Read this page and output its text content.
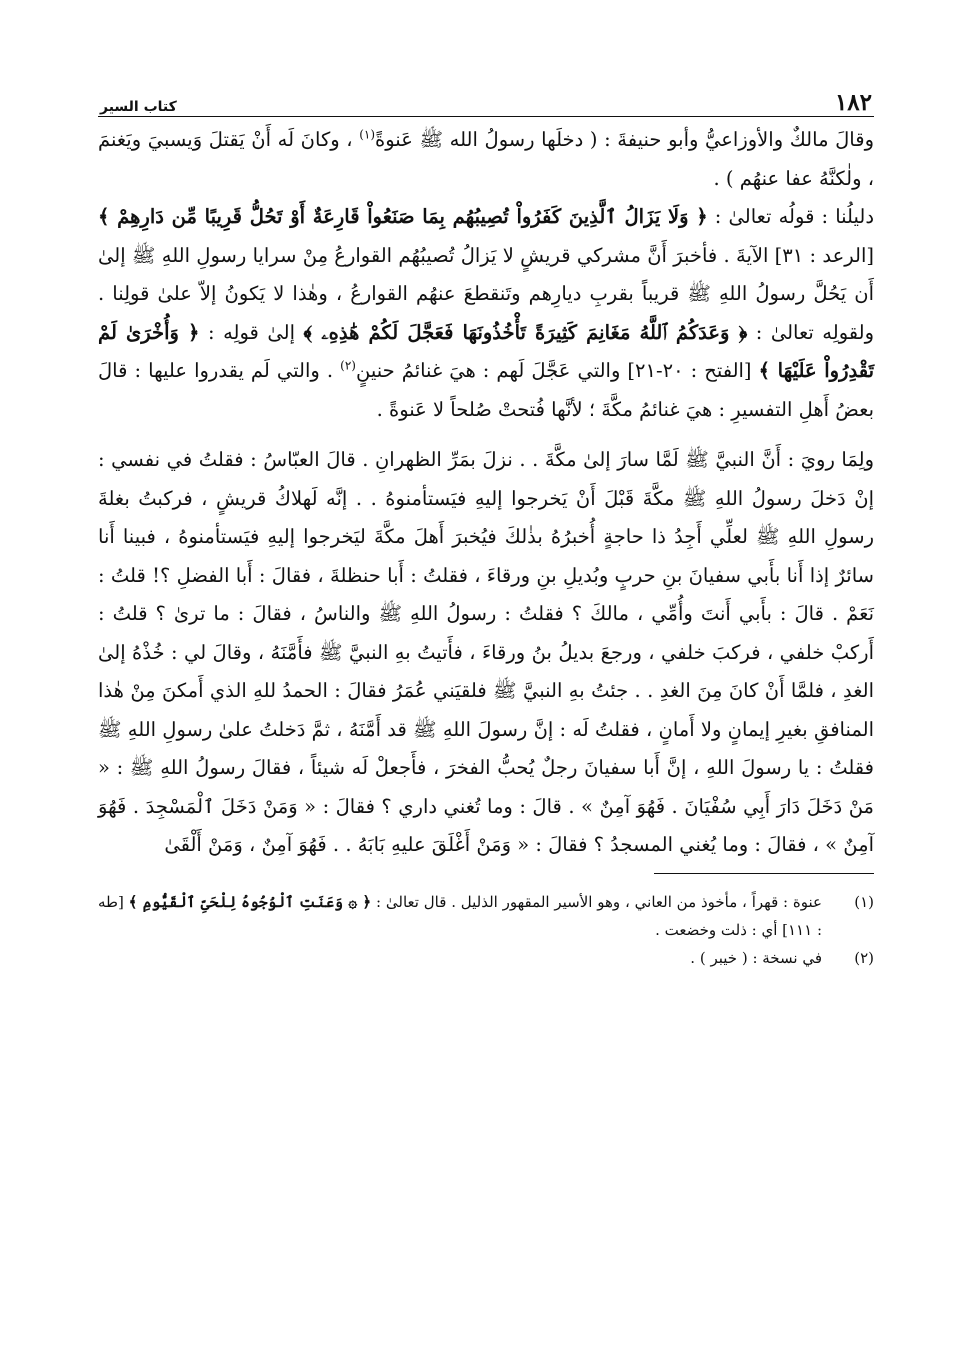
١٨٢
كتاب السير

وقالَ مالكٌ والأوزاعيُّ وأبو حنيفةَ : ( دخلَها رسولُ الله ﷺ عَنوةً$^{(١)}$ ، وكانَ لَه أَنْ يَقتلَ وَيسبيَ ويَغنمَ ، ولٰكنَّهُ عفا عنهُم ) .

دليلُنا : قولُه تعالىٰ : ﴿ وَلَا يَزَالُ ٱلَّذِينَ كَفَرُواْ تُصِيبُهُم بِمَا صَنَعُواْ قَارِعَةٌ أَوْ تَحُلُّ قَرِيبًا مِّن دَارِهِمْ ﴾ [الرعد : ٣١] الآيةَ . فأخبرَ أَنَّ مشركي قريشٍ لا يَزالُ تُصيبُهُم القوارعُ مِنْ سرايا رسولِ اللهِ ﷺ إلىٰ أَن يَحُلَّ رسولُ اللهِ ﷺ قريباً بقربِ ديارِهم وتَنقطعَ عنهُم القوارعُ ، وهٰذا لا يَكونُ إلاّ علىٰ قولِنا . ولقولِه تعالىٰ : ﴿ وَعَدَكُمُ ٱللَّهُ مَغَانِمَ كَثِيرَةً تَأْخُذُونَهَا فَعَجَّلَ لَكُمْ هَٰذِهِۦ ﴾ إلىٰ قولِه : ﴿ وَأُخْرَىٰ لَمْ تَقْدِرُواْ عَلَيْهَا ﴾ [الفتح : ٢٠-٢١] والتي عَجَّلَ لَهم : هيَ غنائمُ حنينٍ$^{(٢)}$ . والتي لَم يقدروا عليها : قالَ بعضُ أَهلِ التفسيرِ : هيَ غنائمُ مكَّةَ ؛ لأنَّها فُتحتْ صُلحاً لا عَنوةً .

ولِمَا رويَ : أَنَّ النبيَّ ﷺ لَمَّا سارَ إلىٰ مكَّةَ . . نزلَ بمَرِّ الظهرانِ . قالَ العبّاسُ : فقلتُ في نفسي : إنْ دَخلَ رسولُ اللهِ ﷺ مكَّةَ قَبْلَ أَنْ يَخرجوا إليهِ فيَستأمنوهُ . . إنَّه لَهلاكُ قريشٍ ، فركبتُ بغلةَ رسولِ اللهِ ﷺ لعلِّي أَجِدُ ذا حاجةٍ أُخبرُهُ بذٰلكَ فيُخبرَ أَهلَ مكَّةَ ليَخرجوا إليهِ فيَستأمنوهُ ، فبينا أَنا سائرٌ إذا أَنا بأَبي سفيانَ بنِ حربٍ وبُديلِ بنِ ورقاءَ ، فقلتُ : أَبا حنظلةَ ، فقالَ : أَبا الفضلِ ؟! قلتُ : نَعَمْ . قالَ : بأَبي أَنتَ وأُمِّي ، مالكَ ؟ فقلتُ : رسولُ اللهِ ﷺ والناسُ ، فقالَ : ما ترىٰ ؟ قلتُ : أَركبْ خلفي ، فركبَ خلفي ، ورجعَ بديلُ بنُ ورقاءَ ، فأَتيتُ بهِ النبيَّ ﷺ فأَمَّنَهُ ، وقالَ لي : خُذْهُ إلىٰ الغدِ ، فلمَّا أَنْ كانَ مِنَ الغدِ . . جئتُ بهِ النبيَّ ﷺ فلقيَني عُمَرُ فقالَ : الحمدُ للهِ الذي أَمكنَ مِنْ هٰذا المنافقِ بغيرِ إيمانٍ ولا أَمانٍ ، فقلتُ لَه : إنَّ رسولَ اللهِ ﷺ قد أَمَّنَهُ ، ثمَّ دَخلتُ علىٰ رسولِ اللهِ ﷺ فقلتُ : يا رسولَ اللهِ ، إنَّ أَبا سفيانَ رجلٌ يُحبُّ الفخرَ ، فأَجعلْ لَه شيئاً ، فقالَ رسولُ اللهِ ﷺ : « مَنْ دَخَلَ دَارَ أَبِي سُفْيَانَ . فَهُوَ آمِنٌ » . قالَ : وما تُغني داري ؟ فقالَ : « وَمَنْ دَخَلَ ٱلْمَسْجِدَ . فَهُوَ آمِنٌ » ، فقالَ : وما يُغني المسجدُ ؟ فقالَ : « وَمَنْ أَغْلَقَ عليهِ بَابَهُ . . فَهُوَ آمِنٌ ، وَمَنْ أَلْقَىٰ

(١)
عنوة : قهراً ، مأخوذ من العاني ، وهو الأسير المقهور الذليل . قال تعالىٰ : ﴿ ۞ وَعَنَتِ ٱلْوُجُوهُ لِلْحَىِّ ٱلْقَيُّومِ ﴾ [طه : ١١١] أي : ذلت وخضعت .
(٢)
في نسخة : ( خيبر ) .
